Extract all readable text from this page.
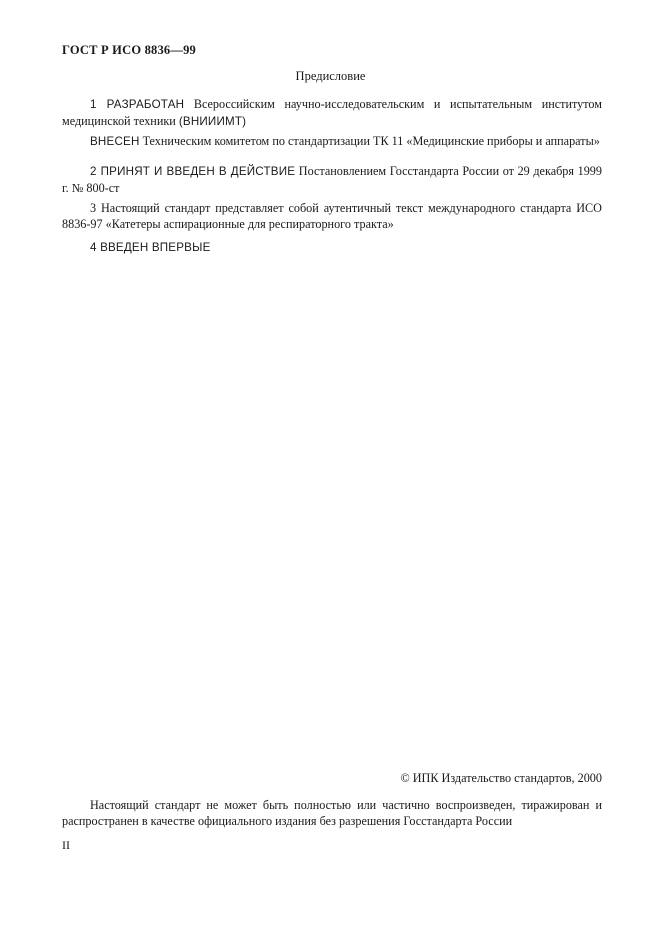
ГОСТ Р ИСО 8836—99
Предисловие
1 РАЗРАБОТАН Всероссийским научно-исследовательским и испытательным институтом медицинской техники (ВНИИИМТ)
ВНЕСЕН Техническим комитетом по стандартизации ТК 11 «Медицинские приборы и аппараты»
2 ПРИНЯТ И ВВЕДЕН В ДЕЙСТВИЕ Постановлением Госстандарта России от 29 декабря 1999 г. № 800-ст
3 Настоящий стандарт представляет собой аутентичный текст международного стандарта ИСО 8836-97 «Катетеры аспирационные для респираторного тракта»
4 ВВЕДЕН ВПЕРВЫЕ
© ИПК Издательство стандартов, 2000
Настоящий стандарт не может быть полностью или частично воспроизведен, тиражирован и распространен в качестве официального издания без разрешения Госстандарта России
II
